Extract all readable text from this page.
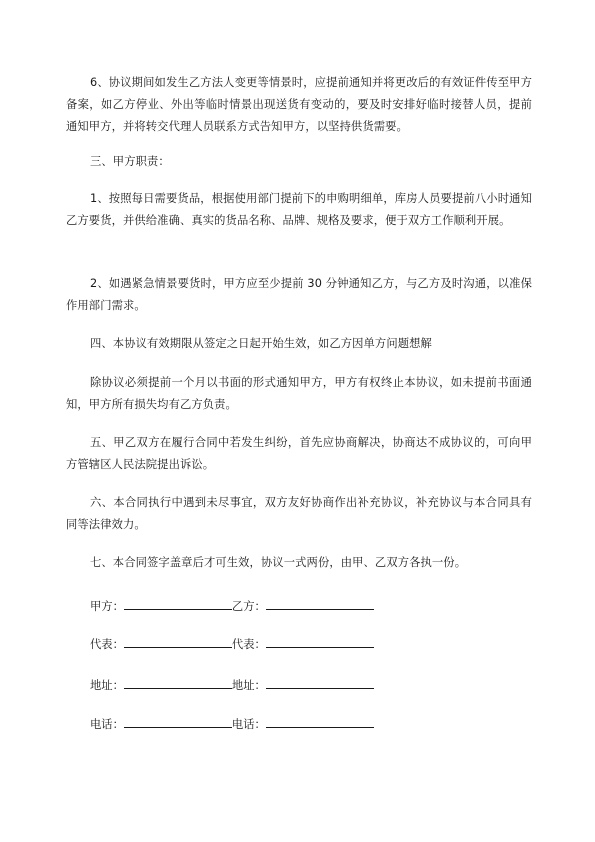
6、协议期间如发生乙方法人变更等情景时，应提前通知并将更改后的有效证件传至甲方备案，如乙方停业、外出等临时情景出现送货有变动的，要及时安排好临时接替人员，提前通知甲方，并将转交代理人员联系方式告知甲方，以坚持供货需要。

三、甲方职责：

1、按照每日需要货品，根据使用部门提前下的申购明细单，库房人员要提前八小时通知乙方要货，并供给准确、真实的货品名称、品牌、规格及要求，便于双方工作顺利开展。

2、如遇紧急情景要货时，甲方应至少提前 30 分钟通知乙方，与乙方及时沟通，以准保作用部门需求。

四、本协议有效期限从签定之日起开始生效，如乙方因单方问题想解

除协议必须提前一个月以书面的形式通知甲方，甲方有权终止本协议，如未提前书面通知，甲方所有损失均有乙方负责。

五、甲乙双方在履行合同中若发生纠纷，首先应协商解决，协商达不成协议的，可向甲方管辖区人民法院提出诉讼。

六、本合同执行中遇到未尽事宜，双方友好协商作出补充协议，补充协议与本合同具有同等法律效力。

七、本合同签字盖章后才可生效，协议一式两份，由甲、乙双方各执一份。

甲方：	乙方：
代表：	代表：
地址：	地址：
电话：	电话：
